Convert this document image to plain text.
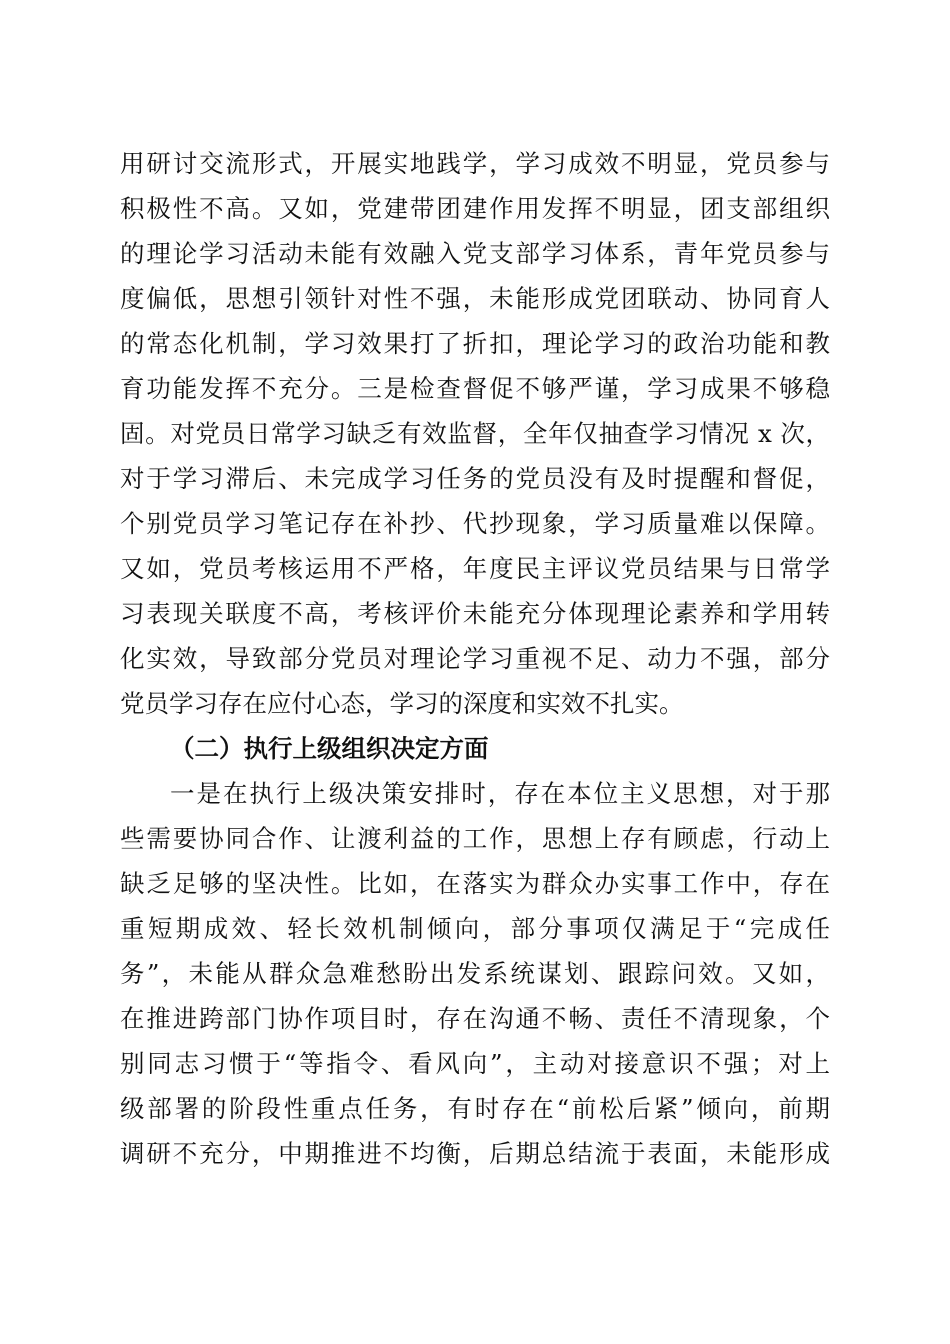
用研讨交流形式，开展实地践学，学习成效不明显，党员参与
积极性不高。又如，党建带团建作用发挥不明显，团支部组织
的理论学习活动未能有效融入党支部学习体系，青年党员参与
度偏低，思想引领针对性不强，未能形成党团联动、协同育人
的常态化机制，学习效果打了折扣，理论学习的政治功能和教
育功能发挥不充分。三是检查督促不够严谨，学习成果不够稳
固。对党员日常学习缺乏有效监督，全年仅抽查学习情况 x 次，
对于学习滞后、未完成学习任务的党员没有及时提醒和督促，
个别党员学习笔记存在补抄、代抄现象，学习质量难以保障。
又如，党员考核运用不严格，年度民主评议党员结果与日常学
习表现关联度不高，考核评价未能充分体现理论素养和学用转
化实效，导致部分党员对理论学习重视不足、动力不强，部分
党员学习存在应付心态，学习的深度和实效不扎实。
（二）执行上级组织决定方面
一是在执行上级决策安排时，存在本位主义思想，对于那
些需要协同合作、让渡利益的工作，思想上存有顾虑，行动上
缺乏足够的坚决性。比如，在落实为群众办实事工作中，存在
重短期成效、轻长效机制倾向，部分事项仅满足于“完成任
务”，未能从群众急难愁盼出发系统谋划、跟踪问效。又如，
在推进跨部门协作项目时，存在沟通不畅、责任不清现象，个
别同志习惯于“等指令、看风向”，主动对接意识不强；对上
级部署的阶段性重点任务，有时存在“前松后紧”倾向，前期
调研不充分，中期推进不均衡，后期总结流于表面，未能形成
